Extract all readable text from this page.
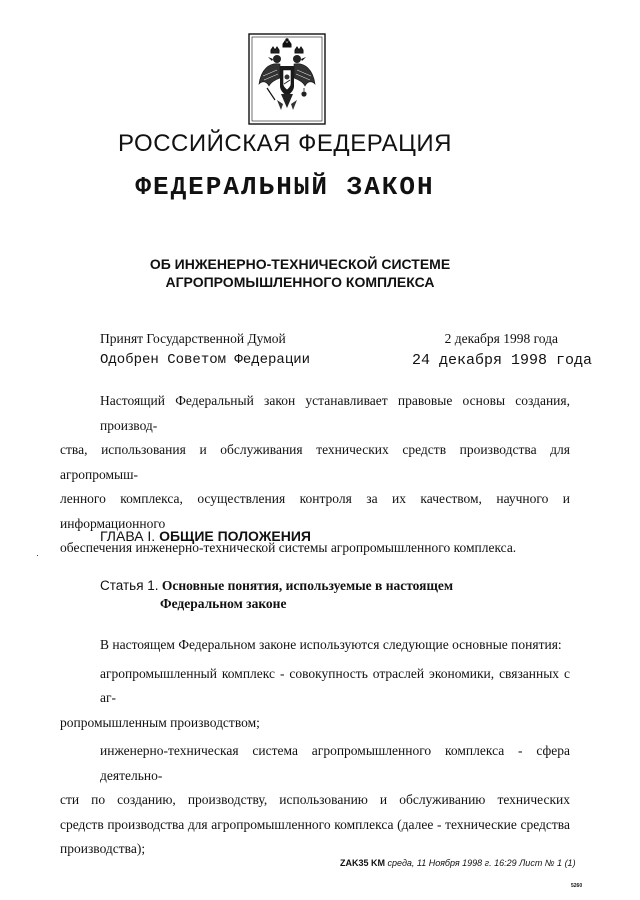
РОССИЙСКАЯ ФЕДЕРАЦИЯ
ФЕДЕРАЛЬНЫЙ ЗАКОН
ОБ ИНЖЕНЕРНО-ТЕХНИЧЕСКОЙ СИСТЕМЕ
АГРОПРОМЫШЛЕННОГО КОМПЛЕКСА
Принят Государственной Думой	2 декабря 1998 года
Одобрен Советом Федерации	24 декабря 1998 года
Настоящий Федеральный закон устанавливает правовые основы создания, производ-
ства, использования и обслуживания технических средств производства для агропромыш-
ленного комплекса, осуществления контроля за их качеством, научного и информационного
обеспечения инженерно-технической системы агропромышленного комплекса.
ГЛАВА I. ОБЩИЕ ПОЛОЖЕНИЯ
Статья 1. Основные понятия, используемые в настоящем
Федеральном законе
В настоящем Федеральном законе используются следующие основные понятия:
агропромышленный комплекс - совокупность отраслей экономики, связанных с аг-
ропромышленным производством;
инженерно-техническая система агропромышленного комплекса - сфера деятельно-
сти по созданию, производству, использованию и обслуживанию технических
средств производства для агропромышленного комплекса (далее - технические средства
производства);
ZAK35 KM среда, 11 Ноября 1998 г. 16:29 Лист № 1 (1)
5260
